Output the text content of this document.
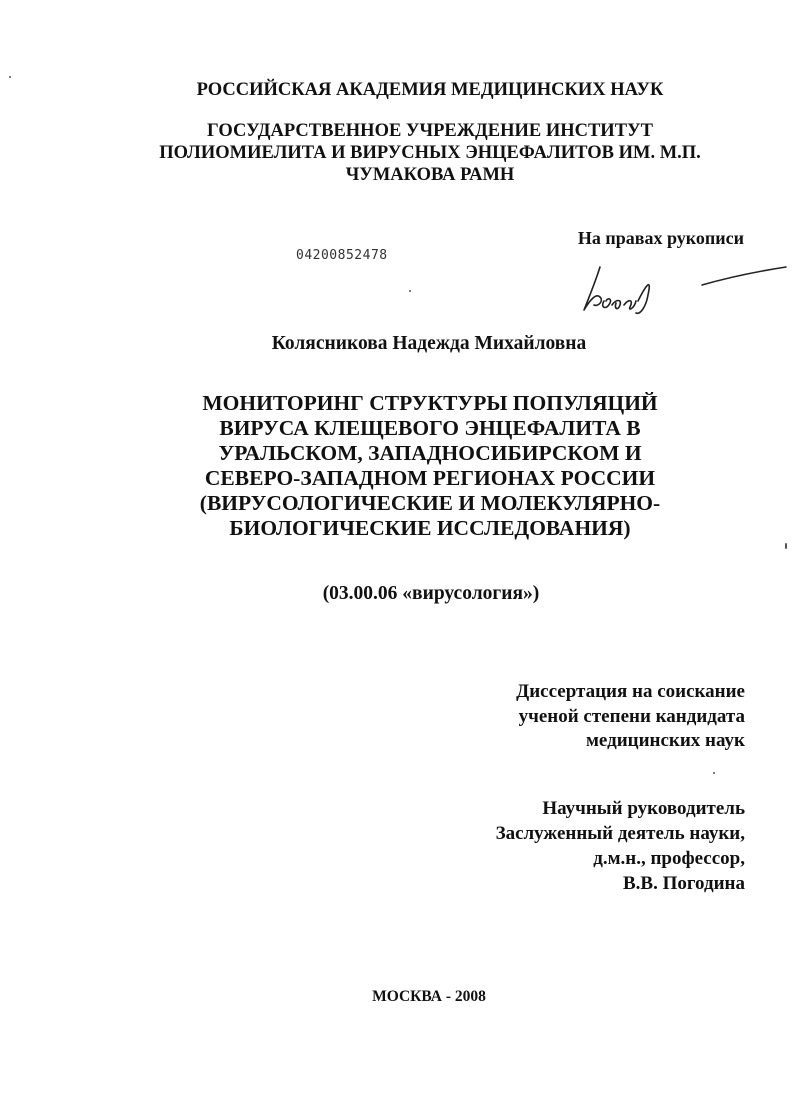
РОССИЙСКАЯ АКАДЕМИЯ МЕДИЦИНСКИХ НАУК
ГОСУДАРСТВЕННОЕ УЧРЕЖДЕНИЕ ИНСТИТУТ
ПОЛИОМИЕЛИТА И ВИРУСНЫХ ЭНЦЕФАЛИТОВ ИМ. М.П.
ЧУМАКОВА РАМН
На правах рукописи
04200852478
Колясникова Надежда Михайловна
МОНИТОРИНГ СТРУКТУРЫ ПОПУЛЯЦИЙ
ВИРУСА КЛЕЩЕВОГО ЭНЦЕФАЛИТА В
УРАЛЬСКОМ, ЗАПАДНОСИБИРСКОМ И
СЕВЕРО-ЗАПАДНОМ РЕГИОНАХ РОССИИ
(ВИРУСОЛОГИЧЕСКИЕ И МОЛЕКУЛЯРНО-
БИОЛОГИЧЕСКИЕ ИССЛЕДОВАНИЯ)
(03.00.06 «вирусология»)
Диссертация на соискание
ученой степени кандидата
медицинских наук
Научный руководитель
Заслуженный деятель науки,
д.м.н., профессор,
В.В. Погодина
МОСКВА - 2008
